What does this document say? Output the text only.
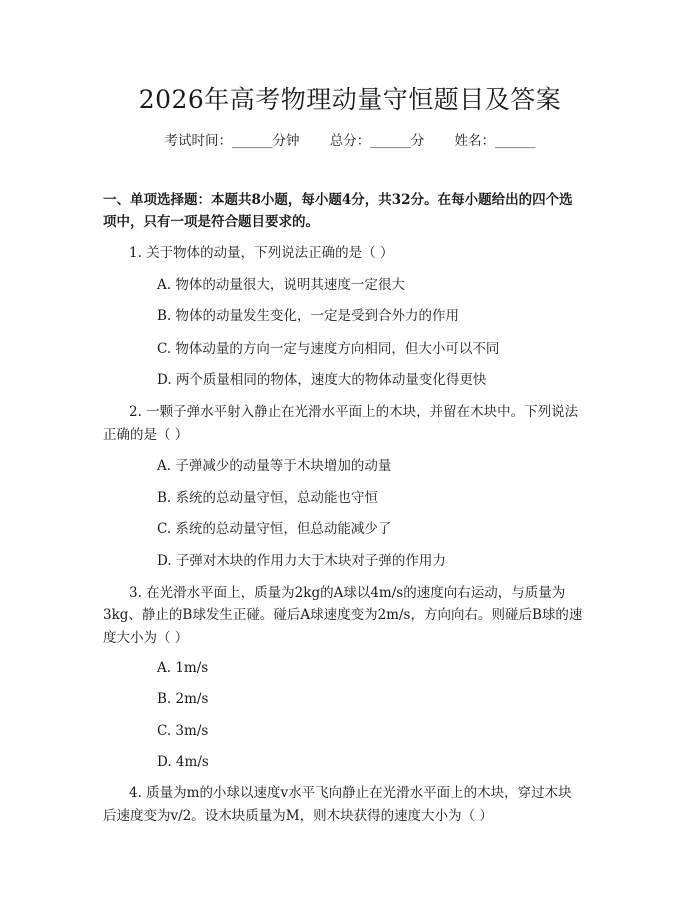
2026年高考物理动量守恒题目及答案
考试时间：______分钟 总分：______分 姓名：______
一、单项选择题：本题共8小题，每小题4分，共32分。在每小题给出的四个选
项中，只有一项是符合题目要求的。
1. 关于物体的动量，下列说法正确的是（ ）
A. 物体的动量很大，说明其速度一定很大
B. 物体的动量发生变化，一定是受到合外力的作用
C. 物体动量的方向一定与速度方向相同，但大小可以不同
D. 两个质量相同的物体，速度大的物体动量变化得更快
2. 一颗子弹水平射入静止在光滑水平面上的木块，并留在木块中。下列说法
正确的是（ ）
A. 子弹减少的动量等于木块增加的动量
B. 系统的总动量守恒，总动能也守恒
C. 系统的总动量守恒，但总动能减少了
D. 子弹对木块的作用力大于木块对子弹的作用力
3. 在光滑水平面上，质量为2kg的A球以4m/s的速度向右运动，与质量为
3kg、静止的B球发生正碰。碰后A球速度变为2m/s，方向向右。则碰后B球的速
度大小为（ ）
A. 1m/s
B. 2m/s
C. 3m/s
D. 4m/s
4. 质量为m的小球以速度v水平飞向静止在光滑水平面上的木块，穿过木块
后速度变为v/2。设木块质量为M，则木块获得的速度大小为（ ）
